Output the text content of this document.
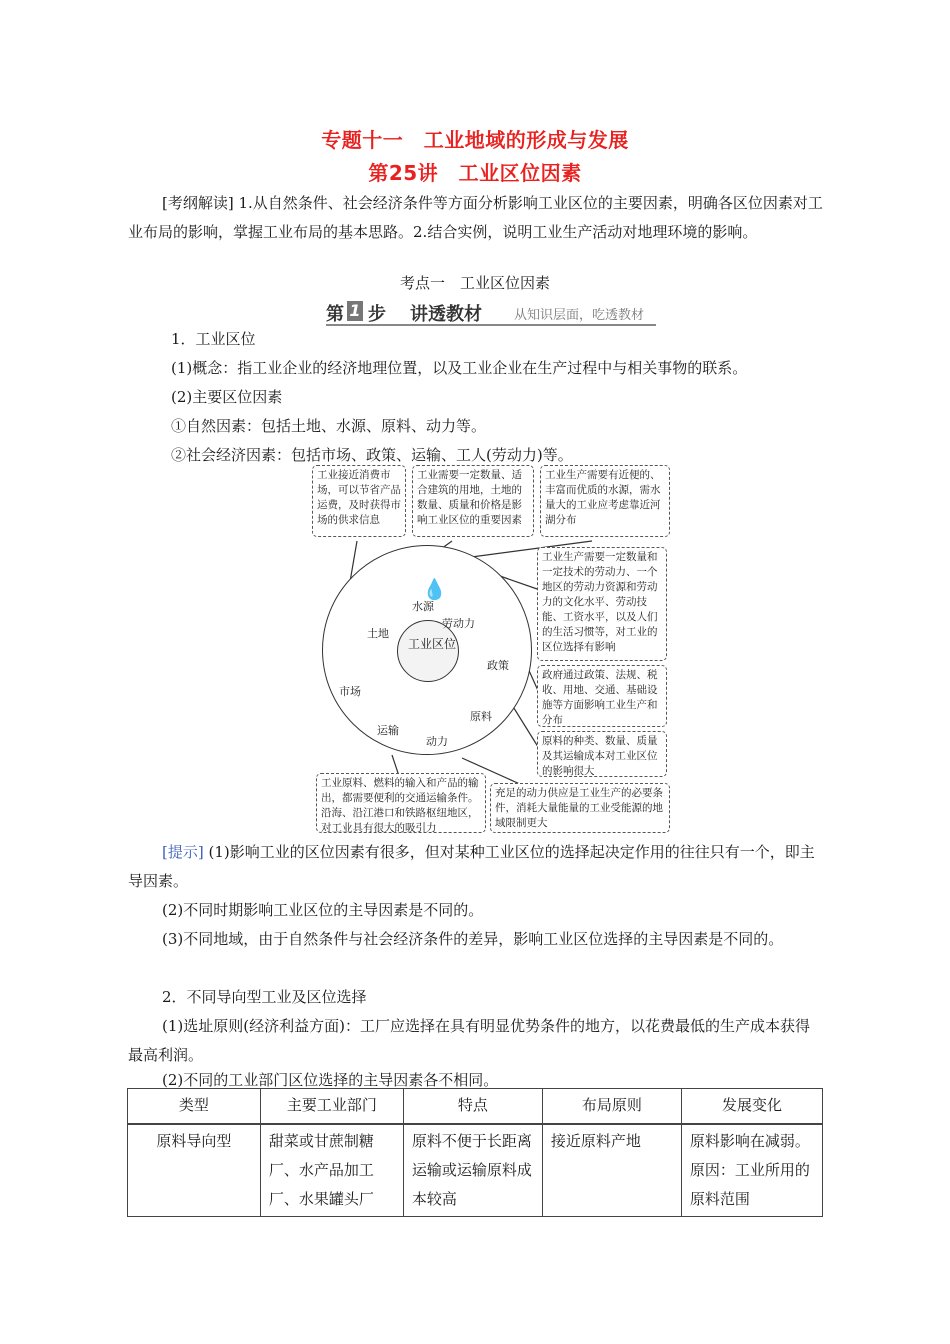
专题十一　工业地域的形成与发展
第25讲　工业区位因素
[考纲解读] 1.从自然条件、社会经济条件等方面分析影响工业区位的主要因素，明确各区位因素对工业布局的影响，掌握工业布局的基本思路。2.结合实例，说明工业生产活动对地理环境的影响。
考点一　工业区位因素
第 1 步 讲透教材 从知识层面，吃透教材
1．工业区位
(1)概念：指工业企业的经济地理位置，以及工业企业在生产过程中与相关事物的联系。
(2)主要区位因素
①自然因素：包括土地、水源、原料、动力等。
②社会经济因素：包括市场、政策、运输、工人(劳动力)等。
工业区位
水源
劳动力
政策
原料
动力
运输
市场
土地
💧
工业接近消费市场，可以节省产品运费，及时获得市场的供求信息
工业需要一定数量、适合建筑的用地，土地的数量、质量和价格是影响工业区位的重要因素
工业生产需要有近便的、丰富而优质的水源，需水量大的工业应考虑靠近河湖分布
工业生产需要一定数量和一定技术的劳动力、一个地区的劳动力资源和劳动力的文化水平、劳动技能、工资水平，以及人们的生活习惯等，对工业的区位选择有影响
政府通过政策、法规、税收、用地、交通、基础设施等方面影响工业生产和分布
原料的种类、数量、质量及其运输成本对工业区位的影响很大
工业原料、燃料的输入和产品的输出，都需要便利的交通运输条件。沿海、沿江港口和铁路枢纽地区，对工业具有很大的吸引力
充足的动力供应是工业生产的必要条件，消耗大量能量的工业受能源的地域限制更大
[提示] (1)影响工业的区位因素有很多，但对某种工业区位的选择起决定作用的往往只有一个，即主导因素。
(2)不同时期影响工业区位的主导因素是不同的。
(3)不同地域，由于自然条件与社会经济条件的差异，影响工业区位选择的主导因素是不同的。
2．不同导向型工业及区位选择
(1)选址原则(经济利益方面)：工厂应选择在具有明显优势条件的地方，以花费最低的生产成本获得最高利润。
(2)不同的工业部门区位选择的主导因素各不相同。
类型	主要工业部门	特点	布局原则	发展变化
原料导向型	甜菜或甘蔗制糖厂、水产品加工厂、水果罐头厂	原料不便于长距离运输或运输原料成本较高	接近原料产地	原料影响在减弱。原因：工业所用的原料范围
